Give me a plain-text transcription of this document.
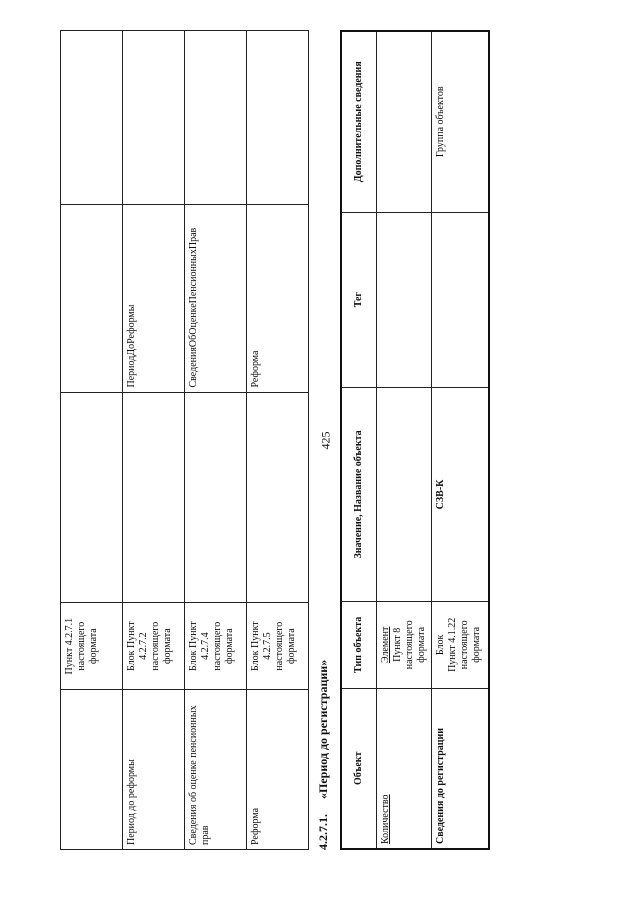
425
	Пункт 4.2.7.1 настоящего формата			
Период до реформы	Блок Пункт 4.2.7.2 настоящего формата		ПериодДоРеформы	
Сведения об оценке пенсионных прав	Блок Пункт 4.2.7.4 настоящего формата		СведенияОбОценкеПенсионныхПрав	
Реформа	Блок Пункт 4.2.7.5 настоящего формата		Реформа	
4.2.7.1. «Период до регистрации» Объект	Тип объекта	Значение, Название объекта	Тег	Дополнительные сведения
Количество	Элемент Пункт 8 настоящего формата			

Сведения до регистрации	Блок Пункт 4.1.22 настоящего формата	СЗВ-К		Группа объектов
